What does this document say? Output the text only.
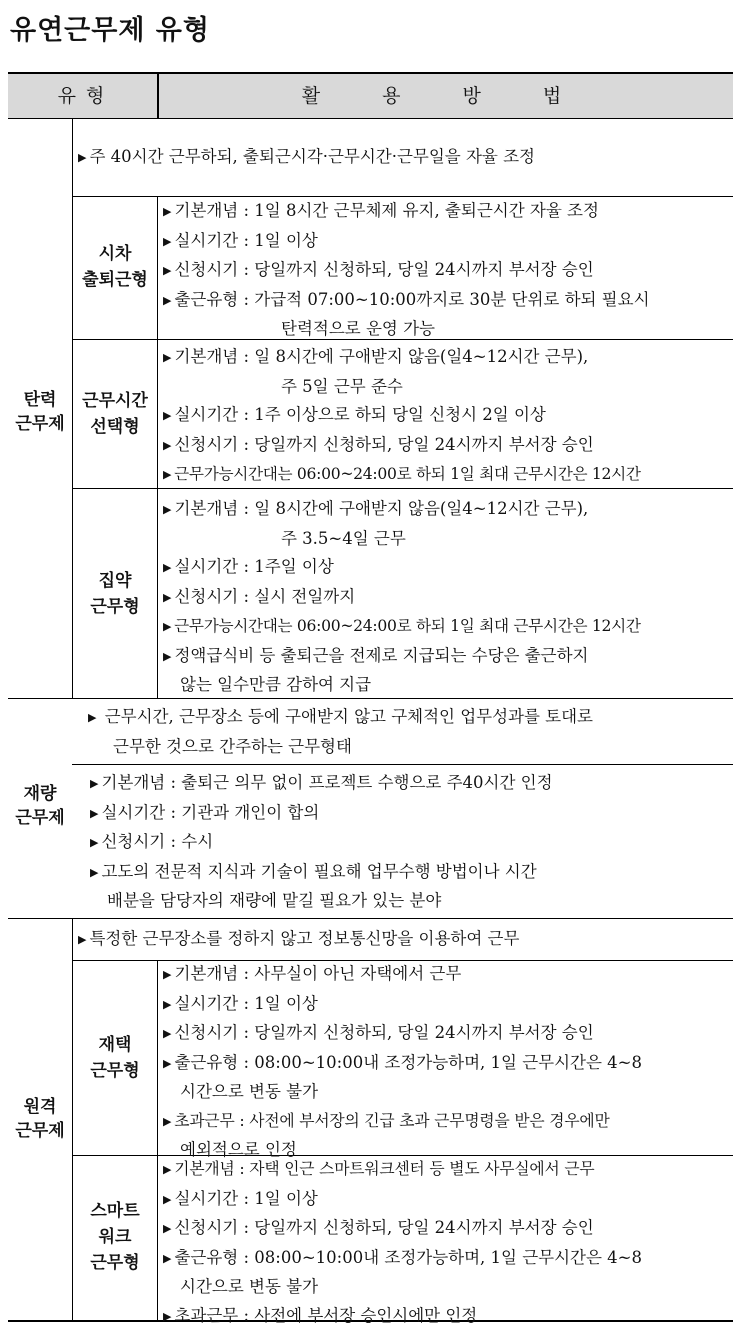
유연근무제 유형
유 형	활 용 방 법
탄력
근무제
재량
근무제
원격
근무제
시차
출퇴근형
근무시간
선택형
집약
근무형
재택
근무형
스마트
워크
근무형
▶ 주 40시간 근무하되, 출퇴근시각·근무시간·근무일을 자율 조정
▶ 기본개념 : 1일 8시간 근무체제 유지, 출퇴근시간 자율 조정
▶ 실시기간 : 1일 이상
▶ 신청시기 : 당일까지 신청하되, 당일 24시까지 부서장 승인
▶ 출근유형 : 가급적 07:00~10:00까지로 30분 단위로 하되 필요시
탄력적으로 운영 가능
▶ 기본개념 : 일 8시간에 구애받지 않음(일4~12시간 근무),
주 5일 근무 준수
▶ 실시기간 : 1주 이상으로 하되 당일 신청시 2일 이상
▶ 신청시기 : 당일까지 신청하되, 당일 24시까지 부서장 승인
▶ 근무가능시간대는 06:00~24:00로 하되 1일 최대 근무시간은 12시간
▶ 기본개념 : 일 8시간에 구애받지 않음(일4~12시간 근무),
주 3.5~4일 근무
▶ 실시기간 : 1주일 이상
▶ 신청시기 : 실시 전일까지
▶ 근무가능시간대는 06:00~24:00로 하되 1일 최대 근무시간은 12시간
▶ 정액급식비 등 출퇴근을 전제로 지급되는 수당은 출근하지
않는 일수만큼 감하여 지급
▶ 근무시간, 근무장소 등에 구애받지 않고 구체적인 업무성과를 토대로
근무한 것으로 간주하는 근무형태
▶ 기본개념 : 출퇴근 의무 없이 프로젝트 수행으로 주40시간 인정
▶ 실시기간 : 기관과 개인이 합의
▶ 신청시기 : 수시
▶ 고도의 전문적 지식과 기술이 필요해 업무수행 방법이나 시간
배분을 담당자의 재량에 맡길 필요가 있는 분야
▶ 특정한 근무장소를 정하지 않고 정보통신망을 이용하여 근무
▶ 기본개념 : 사무실이 아닌 자택에서 근무
▶ 실시기간 : 1일 이상
▶ 신청시기 : 당일까지 신청하되, 당일 24시까지 부서장 승인
▶ 출근유형 : 08:00~10:00내 조정가능하며, 1일 근무시간은 4~8
시간으로 변동 불가
▶ 초과근무 : 사전에 부서장의 긴급 초과 근무명령을 받은 경우에만
예외적으로 인정
▶ 기본개념 : 자택 인근 스마트워크센터 등 별도 사무실에서 근무
▶ 실시기간 : 1일 이상
▶ 신청시기 : 당일까지 신청하되, 당일 24시까지 부서장 승인
▶ 출근유형 : 08:00~10:00내 조정가능하며, 1일 근무시간은 4~8
시간으로 변동 불가
▶ 초과근무 : 사전에 부서장 승인시에만 인정
